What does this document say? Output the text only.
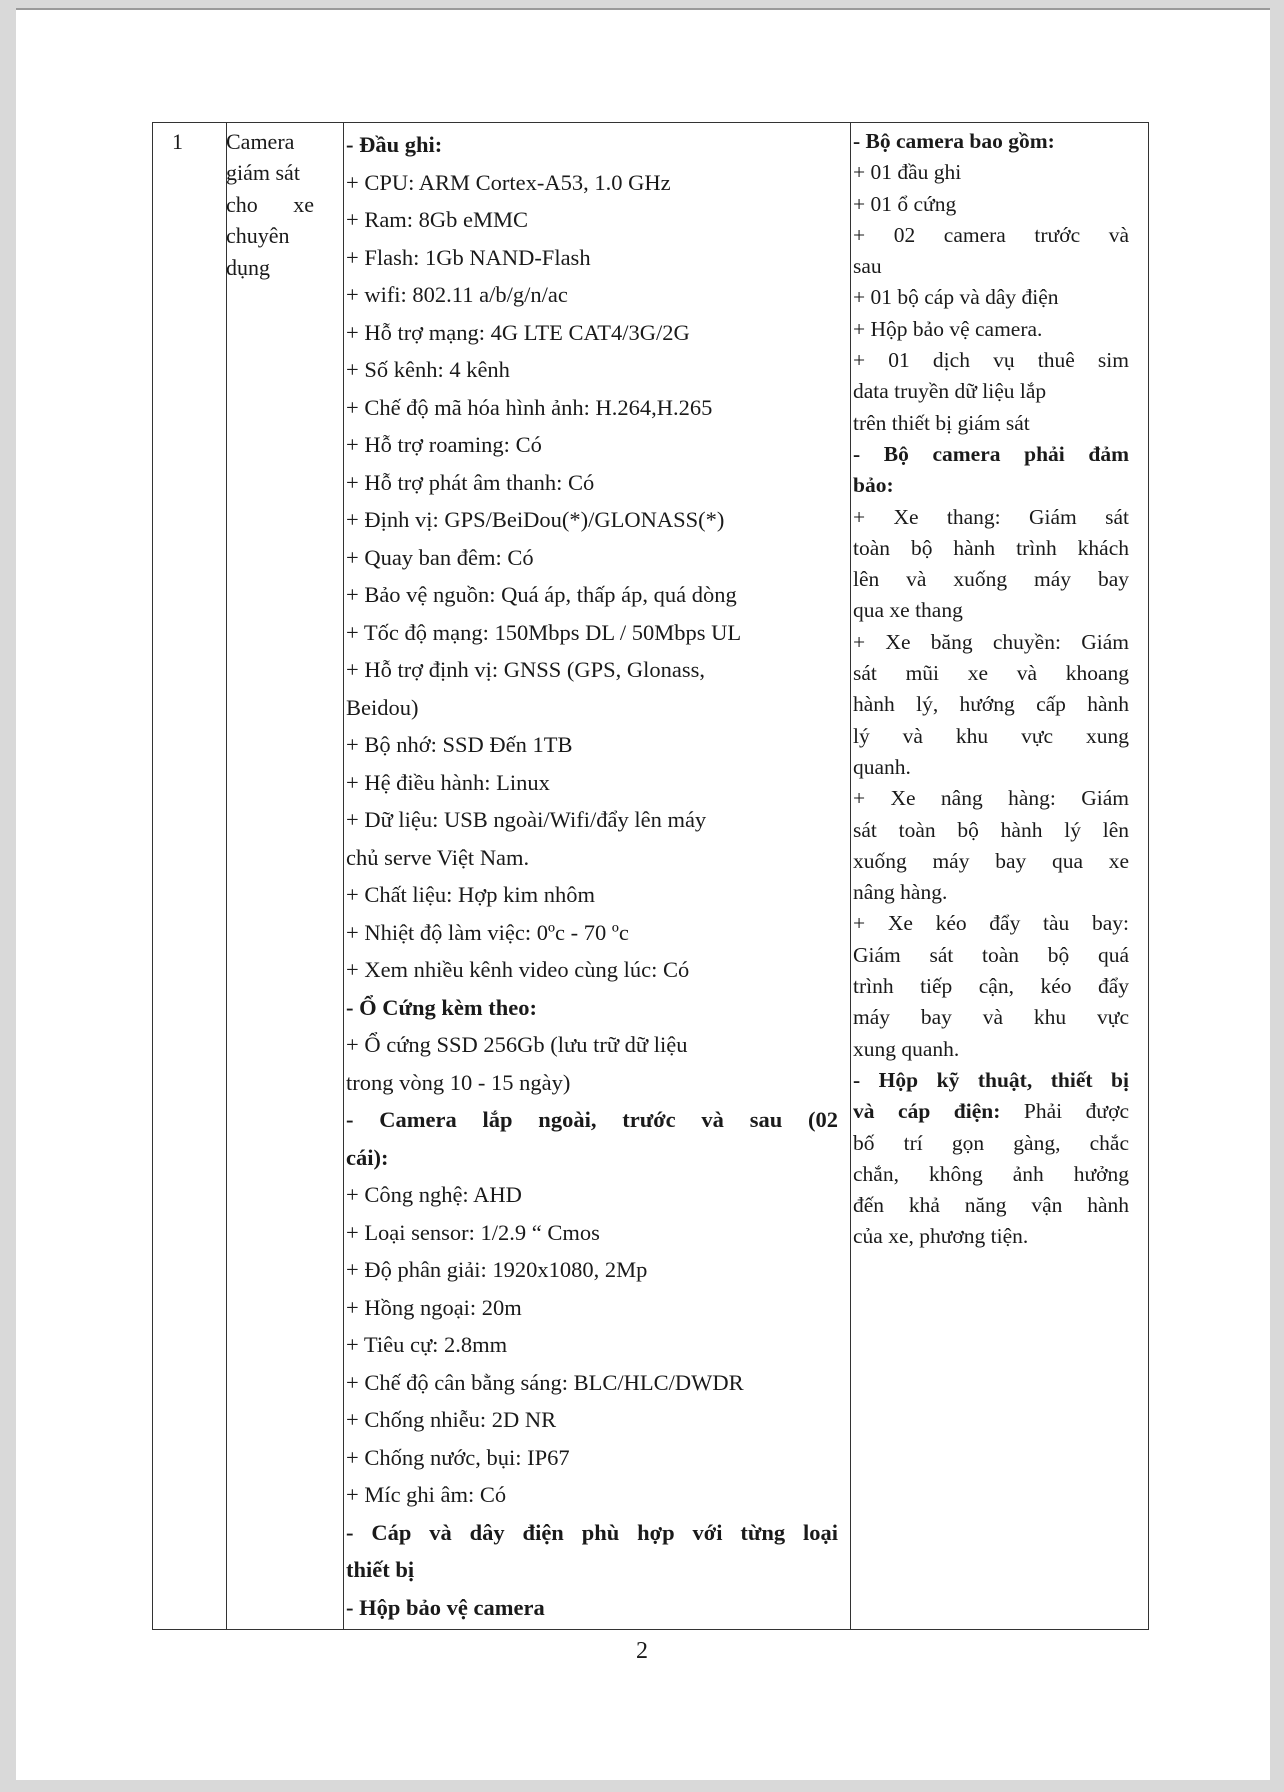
1 Camera
giám sát
cho xe
chuyên
dụng
- Đầu ghi:
+ CPU: ARM Cortex-A53, 1.0 GHz
+ Ram: 8Gb eMMC
+ Flash: 1Gb NAND-Flash
+ wifi: 802.11 a/b/g/n/ac
+ Hỗ trợ mạng: 4G LTE CAT4/3G/2G
+ Số kênh: 4 kênh
+ Chế độ mã hóa hình ảnh: H.264,H.265
+ Hỗ trợ roaming: Có
+ Hỗ trợ phát âm thanh: Có
+ Định vị: GPS/BeiDou(*)/GLONASS(*)
+ Quay ban đêm: Có
+ Bảo vệ nguồn: Quá áp, thấp áp, quá dòng
+ Tốc độ mạng: 150Mbps DL / 50Mbps UL
+ Hỗ trợ định vị: GNSS (GPS, Glonass,
Beidou)
+ Bộ nhớ: SSD Đến 1TB
+ Hệ điều hành: Linux
+ Dữ liệu: USB ngoài/Wifi/đẩy lên máy
chủ serve Việt Nam.
+ Chất liệu: Hợp kim nhôm
+ Nhiệt độ làm việc: 0ºc - 70 ºc
+ Xem nhiều kênh video cùng lúc: Có
- Ổ Cứng kèm theo:
+ Ổ cứng SSD 256Gb (lưu trữ dữ liệu
trong vòng 10 - 15 ngày)
- Camera lắp ngoài, trước và sau (02
cái):
+ Công nghệ: AHD
+ Loại sensor: 1/2.9 “ Cmos
+ Độ phân giải: 1920x1080, 2Mp
+ Hồng ngoại: 20m
+ Tiêu cự: 2.8mm
+ Chế độ cân bằng sáng: BLC/HLC/DWDR
+ Chống nhiễu: 2D NR
+ Chống nước, bụi: IP67
+ Míc ghi âm: Có
- Cáp và dây điện phù hợp với từng loại
thiết bị
- Hộp bảo vệ camera
- Bộ camera bao gồm:
+ 01 đầu ghi
+ 01 ổ cứng
+ 02 camera trước và
sau
+ 01 bộ cáp và dây điện
+ Hộp bảo vệ camera.
+ 01 dịch vụ thuê sim
data truyền dữ liệu lắp
trên thiết bị giám sát
- Bộ camera phải đảm
bảo:
+ Xe thang: Giám sát
toàn bộ hành trình khách
lên và xuống máy bay
qua xe thang
+ Xe băng chuyền: Giám
sát mũi xe và khoang
hành lý, hướng cấp hành
lý và khu vực xung
quanh.
+ Xe nâng hàng: Giám
sát toàn bộ hành lý lên
xuống máy bay qua xe
nâng hàng.
+ Xe kéo đẩy tàu bay:
Giám sát toàn bộ quá
trình tiếp cận, kéo đẩy
máy bay và khu vực
xung quanh.
- Hộp kỹ thuật, thiết bị
và cáp điện: Phải được
bố trí gọn gàng, chắc
chắn, không ảnh hưởng
đến khả năng vận hành
của xe, phương tiện.
2
